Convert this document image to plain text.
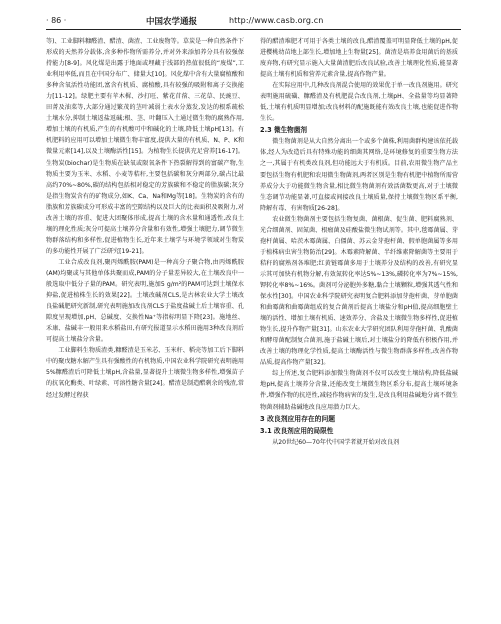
· 86 ·	中国农学通报	http://www.casb.org.cn

等)、工业脚料糠醛渣、醋渣、菌渣、工业废物等。草炭是一种自然条件下形成的天然养分载体,含多种作物所需养分,并对外来添加养分具有较强保持能力[8-9]。风化煤是出露于地面或埋藏于浅部的热值很低的“废煤”,工业利用率低,而且在中国分布广、储量大[10]。风化煤中含有大量腐植酸和多种含氧活性功能团,富含有机质、腐植酸,具有较强的吸附和离子交换能力[11-12]。绿肥主要有苹木樨、沙打旺、紫花苜蓿、三花草、民豌豆、田菁及油菜等,大部分通过繁茂的茎叶减弱土表水分蒸发,发达的根系疏松土壤水分,抑制土壤返盐返碱;根、茎、叶翻压入土通过微生物的腐熟作用,增加土壤的有机质,产生的有机酸可中和碱化的土壤,降低土壤pH[13]。有机肥料的应用可以增加土壤微生物丰富度,提供大量的有机质、N、P、K和微量元素[14],以及土壤酶活性[15]。为植物生长提供充足营养[16-17]。生物炭(biochar)是生物质在缺氧或限氧条件下热裂解得到的富碳产物,生物质主要为玉米、水稻、小麦等秸秆,主要包括碳和灰分两部分,碳占比最高约70%~80%,碳的结构包括相对稳定的芳族碳和不稳定的脂族碳;灰分是指生物炭含有的矿物成分,如K、Ca、Na和Mg等[18]。生物炭的含有的脂族和芳族碳成分可形成丰富的空隙结构以及巨大的比表面积及吸附力,对改善土壤的容重、促进大团聚体形成,提高土壤的含水量和通透性,改良土壤的理化性质;灰分可提高土壤养分含量和有效性,增强土壤肥力,调节微生物群落结构和多样性,促进植物生长,近年来土壤学与环境学领域对生物炭的多功能性开展了广泛研究[19-21]。

工业合成改良剂,聚丙烯酰胺(PAM)是一种高分子聚合物,由丙烯酰胺(AM)均聚或与其他单体共聚而成,PAM的分子量差异较大,在土壤改良中一般选取中低分子量的PAM。研究表明,施加5 g/m²的PAM可达到土壤保水抑盐,促进植株生长的效果[22]。土壤改碱剂CLS,是古林农业大学土壤改良盐碱肥研究新制,研究表明施加改良剂CLS于盐度盐碱土后土壤容重、孔隙度呈现增加,pH、总碱度、交换性Na⁺等指标明显下降[23]。施地丝、禾康、盐碱丰一般用来水稻盐田,有研究报道显示水稻田施用3种改良剂后可提高土壤盐分含量。

工业脚料生物质渣类,糠醛渣是玉米芯、玉米秆、稻壳等加工后下脚料中的聚戊糖水解产生具有强酸性的有机物质,中国农业科学院研究表明施用5%糠醛渣后可降低土壤pH,含盐量,显著提升土壤微生物多样性,增强苗子的抗氧化酶类、叶绿素、可溶性糖含量[24]。醋渣是制造醋剩余的残渣,常经过发酵过程获

得的醋渣堆肥才可用于各类土壤的改良,醋渣覆盖可明显降低土壤的pH,促进樱桃幼苗地上部生长,增加地上生物量[25]。菌渣是培养食用菌后的基质废弃物,有研究显示施入大量菌渣肥后改良试验,改善土壤理化性质,能显著提高土壤有机质和营养元素含量,提高作物产量。

在实际应用中,几种改良剂混合使用的效果优于单一改良剂施用。研究表明施用硫磺、糠醛渣及有机肥混合改良剂,土壤pH、全盐量等均显著降低,土壤有机质明显增加;改良材料的配施既能有效改良土壤,也能促进作物生长。

2.3 微生物菌剂

微生物菌剂是从大自然分离出一个或多个菌株,利用菌群构建该依托载体,经人为改造后具有特殊功能的细菌其网络,是环境修复的重要生物方法之一,其属于有机类改良剂,但功能远大于有机质。目前,农用微生物产品主要包括生物有机肥和农用微生物菌剂,两者区别是生物有机肥中植物所需营养成分大于功能微生物含量,相比微生物菌剂有效活菌数更高,对于土壤微生态调节功能显著,可直接或间接改良土壤质量,保持土壤微生物区系平衡,降解有毒、有害物质[26-28]。

农业微生物菌剂主要包括生物复菌、菌根菌、促生菌、肥料腐熟剂、光合细菌剂、固氮菌、根瘤菌及硅酸盐微生物试剂等。其中,毯霉菌属、芽孢杆菌属、哈茨木霉菌属、白僵菌、苏云金芽孢杆菌、假单胞菌属等多用于植株病虫害生物防治[29]。木霉素降解菌、半纤维素降解菌等主要用于秸秆的腐熟剂各堆肥;红黄链霉菌多用于土壤养分及结构的改善,有研究显示其可加快有机物分解,有效氮转化率达5%~13%,磷转化率为7%~15%,钾转化率8%~16%。菌剂可分泌胞外多糖,黏合土壤颗粒,增强其透气性和保水性[30]。中国农业科学院研究表明复合肥料添加芽孢杆菌、芽单胞菌和曲霉菌和曲霉菌组成的复合菌剂后提高土壤盐分和pH值,提高细胞壁土壤的活性、增加土壤有机质、速效养分、含盐及土壤微生物多样性,促进植物生长,提升作物产量[31]。山东农业大学研究团队利用芽孢杆菌、乳酸菌和酵母菌配制复合菌剂,施于盐碱土壤后,对土壤盐分的降低有积极作用,并改善土壤的物理化学性质,提高土壤酶活性与微生物群落多样性,改善作物品质,提高作物产量[32]。

综上所述,复合肥料添加微生物菌剂不仅可以改变土壤结构,降低盐碱地pH,提高土壤养分含量,还能改变土壤微生物区系分布,提高土壤环境条件,增强作物的抗逆性,减轻作物病害的发生,是改良利用盐碱地分离不微生物菌剂辅助盐碱地改良应用潜力巨大。

3 改良剂应用存在的问题
3.1 改良剂应用的局限性

从20世纪60—70年代中国学者就开始对改良剂
